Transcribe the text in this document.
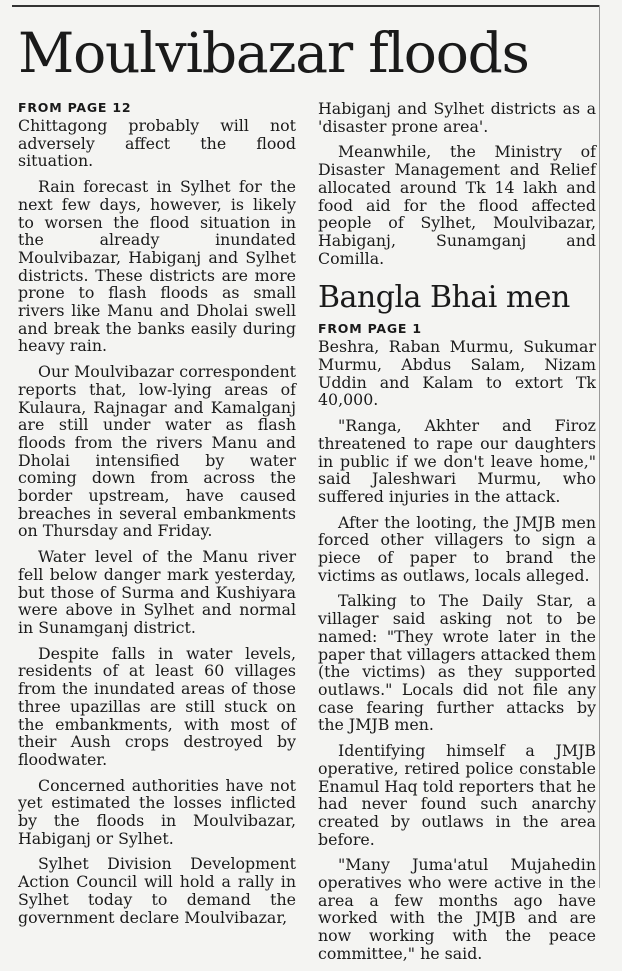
Moulvibazar floods
FROM PAGE 12

Chittagong probably will not adversely affect the flood situation.

Rain forecast in Sylhet for the next few days, however, is likely to worsen the flood situation in the already inundated Moulvibazar, Habiganj and Sylhet districts. These districts are more prone to flash floods as small rivers like Manu and Dholai swell and break the banks easily during heavy rain.

Our Moulvibazar correspondent reports that, low-lying areas of Kulaura, Rajnagar and Kamalganj are still under water as flash floods from the rivers Manu and Dholai intensified by water coming down from across the border upstream, have caused breaches in several embankments on Thursday and Friday.

Water level of the Manu river fell below danger mark yesterday, but those of Surma and Kushiyara were above in Sylhet and normal in Sunamganj district.

Despite falls in water levels, residents of at least 60 villages from the inundated areas of those three upazillas are still stuck on the embankments, with most of their Aush crops destroyed by floodwater.

Concerned authorities have not yet estimated the losses inflicted by the floods in Moulvibazar, Habiganj or Sylhet.

Sylhet Division Development Action Council will hold a rally in Sylhet today to demand the government declare Moulvibazar,

Habiganj and Sylhet districts as a 'disaster prone area'.

Meanwhile, the Ministry of Disaster Management and Relief allocated around Tk 14 lakh and food aid for the flood affected people of Sylhet, Moulvibazar, Habiganj, Sunamganj and Comilla.

Bangla Bhai men
FROM PAGE 1

Beshra, Raban Murmu, Sukumar Murmu, Abdus Salam, Nizam Uddin and Kalam to extort Tk 40,000.

"Ranga, Akhter and Firoz threatened to rape our daughters in public if we don't leave home," said Jaleshwari Murmu, who suffered injuries in the attack.

After the looting, the JMJB men forced other villagers to sign a piece of paper to brand the victims as outlaws, locals alleged.

Talking to The Daily Star, a villager said asking not to be named: "They wrote later in the paper that villagers attacked them (the victims) as they supported outlaws." Locals did not file any case fearing further attacks by the JMJB men.

Identifying himself a JMJB operative, retired police constable Enamul Haq told reporters that he had never found such anarchy created by outlaws in the area before.

"Many Juma'atul Mujahedin operatives who were active in the area a few months ago have worked with the JMJB and are now working with the peace committee," he said.
